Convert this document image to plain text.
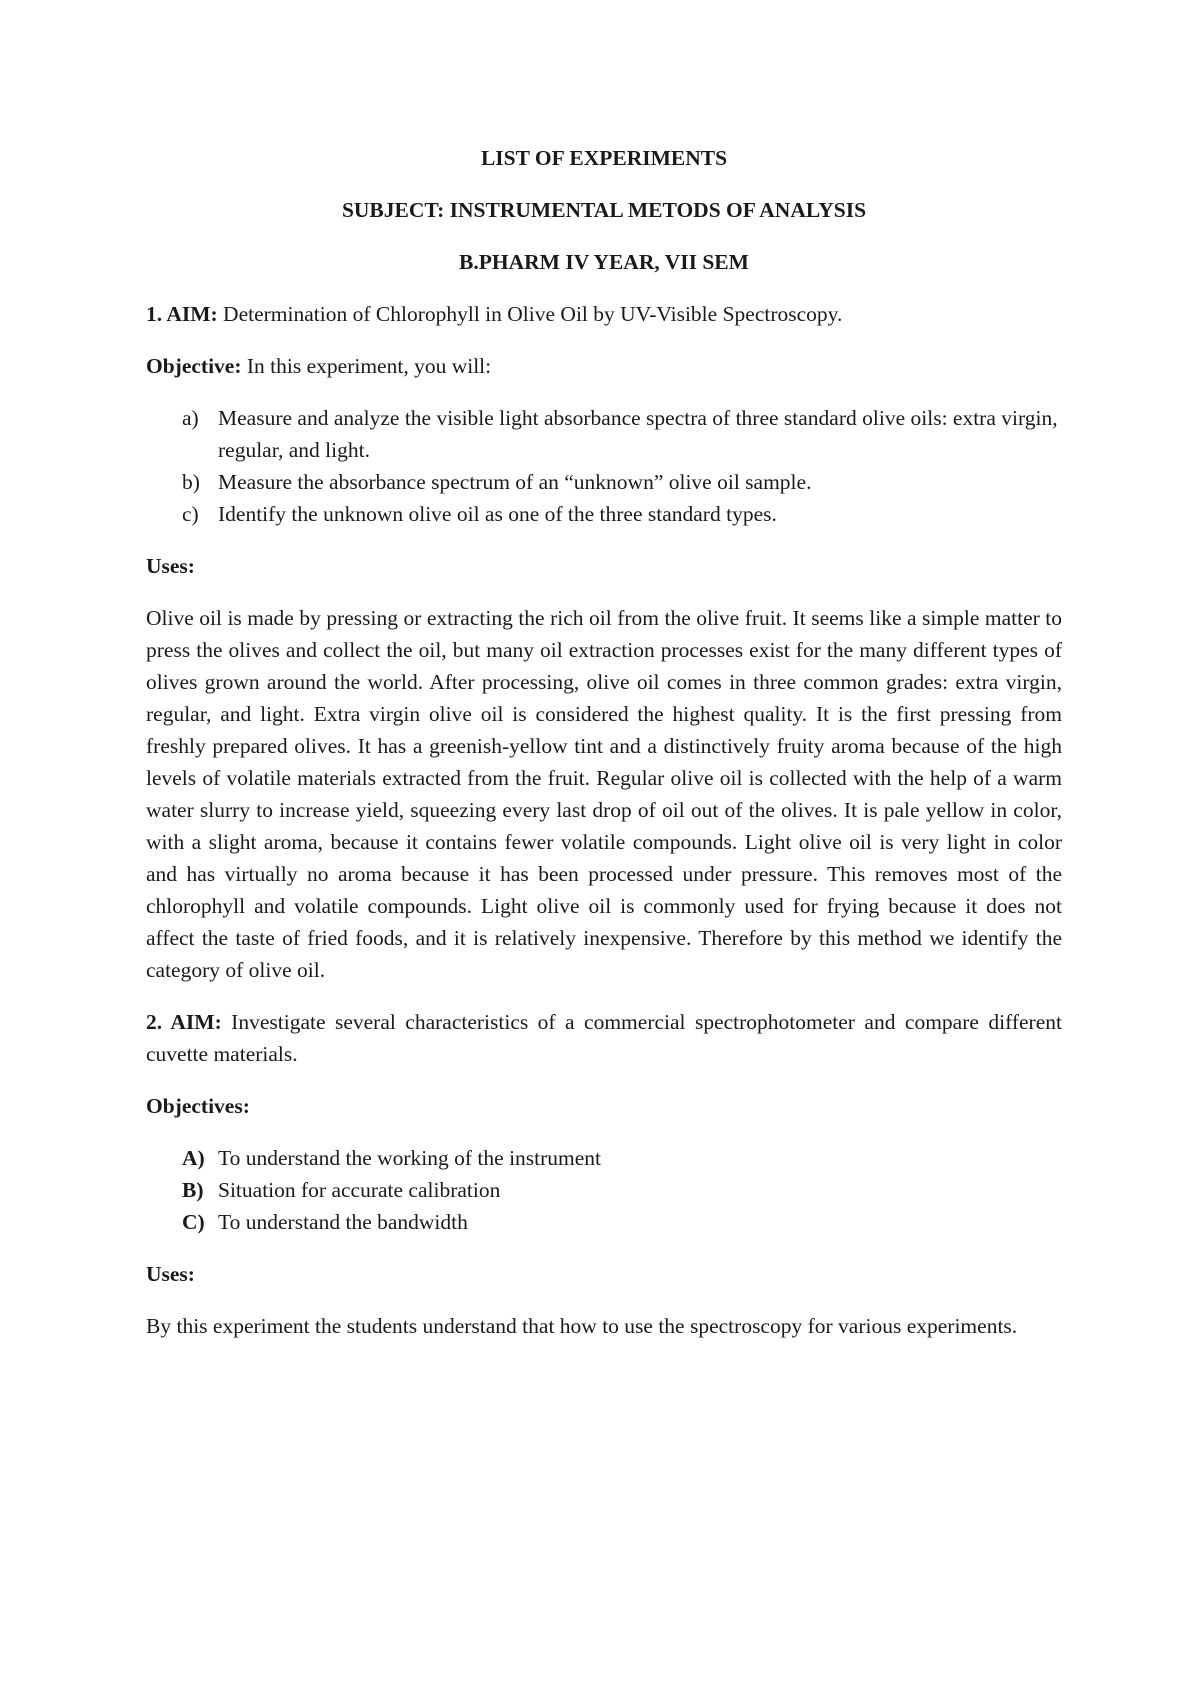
LIST OF EXPERIMENTS
SUBJECT: INSTRUMENTAL METODS OF ANALYSIS
B.PHARM IV YEAR, VII SEM

1. AIM: Determination of Chlorophyll in Olive Oil by UV-Visible Spectroscopy.

Objective: In this experiment, you will:

a) Measure and analyze the visible light absorbance spectra of three standard olive oils: extra virgin, regular, and light.
b) Measure the absorbance spectrum of an “unknown” olive oil sample.
c) Identify the unknown olive oil as one of the three standard types.

Uses:

Olive oil is made by pressing or extracting the rich oil from the olive fruit. It seems like a simple matter to press the olives and collect the oil, but many oil extraction processes exist for the many different types of olives grown around the world. After processing, olive oil comes in three common grades: extra virgin, regular, and light. Extra virgin olive oil is considered the highest quality. It is the first pressing from freshly prepared olives. It has a greenish-yellow tint and a distinctively fruity aroma because of the high levels of volatile materials extracted from the fruit. Regular olive oil is collected with the help of a warm water slurry to increase yield, squeezing every last drop of oil out of the olives. It is pale yellow in color, with a slight aroma, because it contains fewer volatile compounds. Light olive oil is very light in color and has virtually no aroma because it has been processed under pressure. This removes most of the chlorophyll and volatile compounds. Light olive oil is commonly used for frying because it does not affect the taste of fried foods, and it is relatively inexpensive. Therefore by this method we identify the category of olive oil.

2. AIM: Investigate several characteristics of a commercial spectrophotometer and compare different cuvette materials.

Objectives:

A) To understand the working of the instrument
B) Situation for accurate calibration
C) To understand the bandwidth

Uses:

By this experiment the students understand that how to use the spectroscopy for various experiments.
